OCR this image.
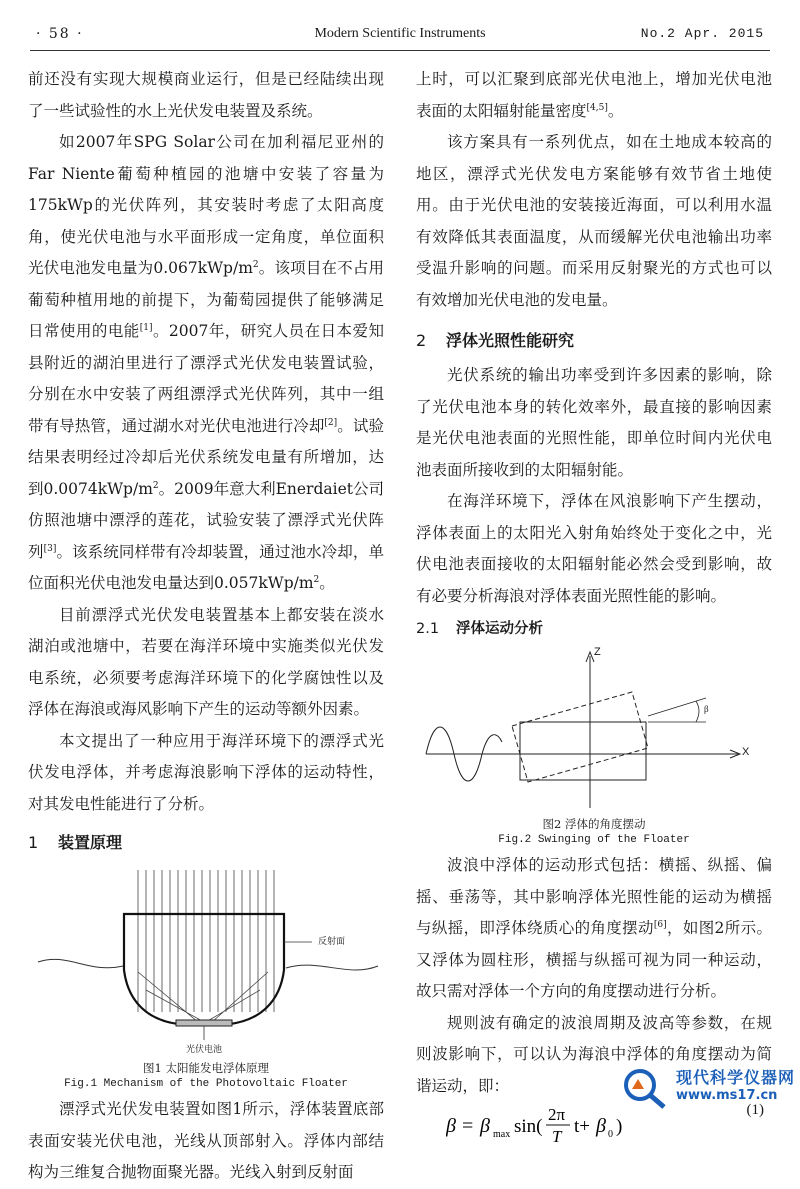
· 58 ·	Modern Scientific Instruments	No.2 Apr. 2015

前还没有实现大规模商业运行，但是已经陆续出现了一些试验性的水上光伏发电装置及系统。

如2007年SPG Solar公司在加利福尼亚州的Far Niente葡萄种植园的池塘中安装了容量为175kWp的光伏阵列，其安装时考虑了太阳高度角，使光伏电池与水平面形成一定角度，单位面积光伏电池发电量为$0.067kWp/m^2$。该项目在不占用葡萄种植用地的前提下，为葡萄园提供了能够满足日常使用的电能[1]。2007年，研究人员在日本爱知县附近的湖泊里进行了漂浮式光伏发电装置试验，分别在水中安装了两组漂浮式光伏阵列，其中一组带有导热管，通过湖水对光伏电池进行冷却[2]。试验结果表明经过冷却后光伏系统发电量有所增加，达到$0.0074kWp/m^2$。2009年意大利Enerdaiet公司仿照池塘中漂浮的莲花，试验安装了漂浮式光伏阵列[3]。该系统同样带有冷却装置，通过池水冷却，单位面积光伏电池发电量达到$0.057kWp/m^2$。

目前漂浮式光伏发电装置基本上都安装在淡水湖泊或池塘中，若要在海洋环境中实施类似光伏发电系统，必须要考虑海洋环境下的化学腐蚀性以及浮体在海浪或海风影响下产生的运动等额外因素。

本文提出了一种应用于海洋环境下的漂浮式光伏发电浮体，并考虑海浪影响下浮体的运动特性，对其发电性能进行了分析。

1 装置原理
反射面
光伏电池
图1 太阳能发电浮体原理
Fig.1 Mechanism of the Photovoltaic Floater

漂浮式光伏发电装置如图1所示，浮体装置底部表面安装光伏电池，光线从顶部射入。浮体内部结构为三维复合抛物面聚光器。光线入射到反射面

上时，可以汇聚到底部光伏电池上，增加光伏电池表面的太阳辐射能量密度[4,5]。

该方案具有一系列优点，如在土地成本较高的地区，漂浮式光伏发电方案能够有效节省土地使用。由于光伏电池的安装接近海面，可以利用水温有效降低其表面温度，从而缓解光伏电池输出功率受温升影响的问题。而采用反射聚光的方式也可以有效增加光伏电池的发电量。

2 浮体光照性能研究

光伏系统的输出功率受到许多因素的影响，除了光伏电池本身的转化效率外，最直接的影响因素是光伏电池表面的光照性能，即单位时间内光伏电池表面所接收到的太阳辐射能。

在海洋环境下，浮体在风浪影响下产生摆动，浮体表面上的太阳光入射角始终处于变化之中，光伏电池表面接收的太阳辐射能必然会受到影响，故有必要分析海浪对浮体表面光照性能的影响。

2.1 浮体运动分析
Z
X
β
图2 浮体的角度摆动
Fig.2 Swinging of the Floater

波浪中浮体的运动形式包括：横摇、纵摇、偏摇、垂荡等，其中影响浮体光照性能的运动为横摇与纵摇，即浮体绕质心的角度摆动[6]，如图2所示。又浮体为圆柱形，横摇与纵摇可视为同一种运动，故只需对浮体一个方向的角度摆动进行分析。

规则波有确定的波浪周期及波高等参数，在规则波影响下，可以认为海浪中浮体的角度摆动为简谐运动，即：

β = β max sin(
2π
T t+ β 0 )
(1)
现代科学仪器网
www.ms17.cn
